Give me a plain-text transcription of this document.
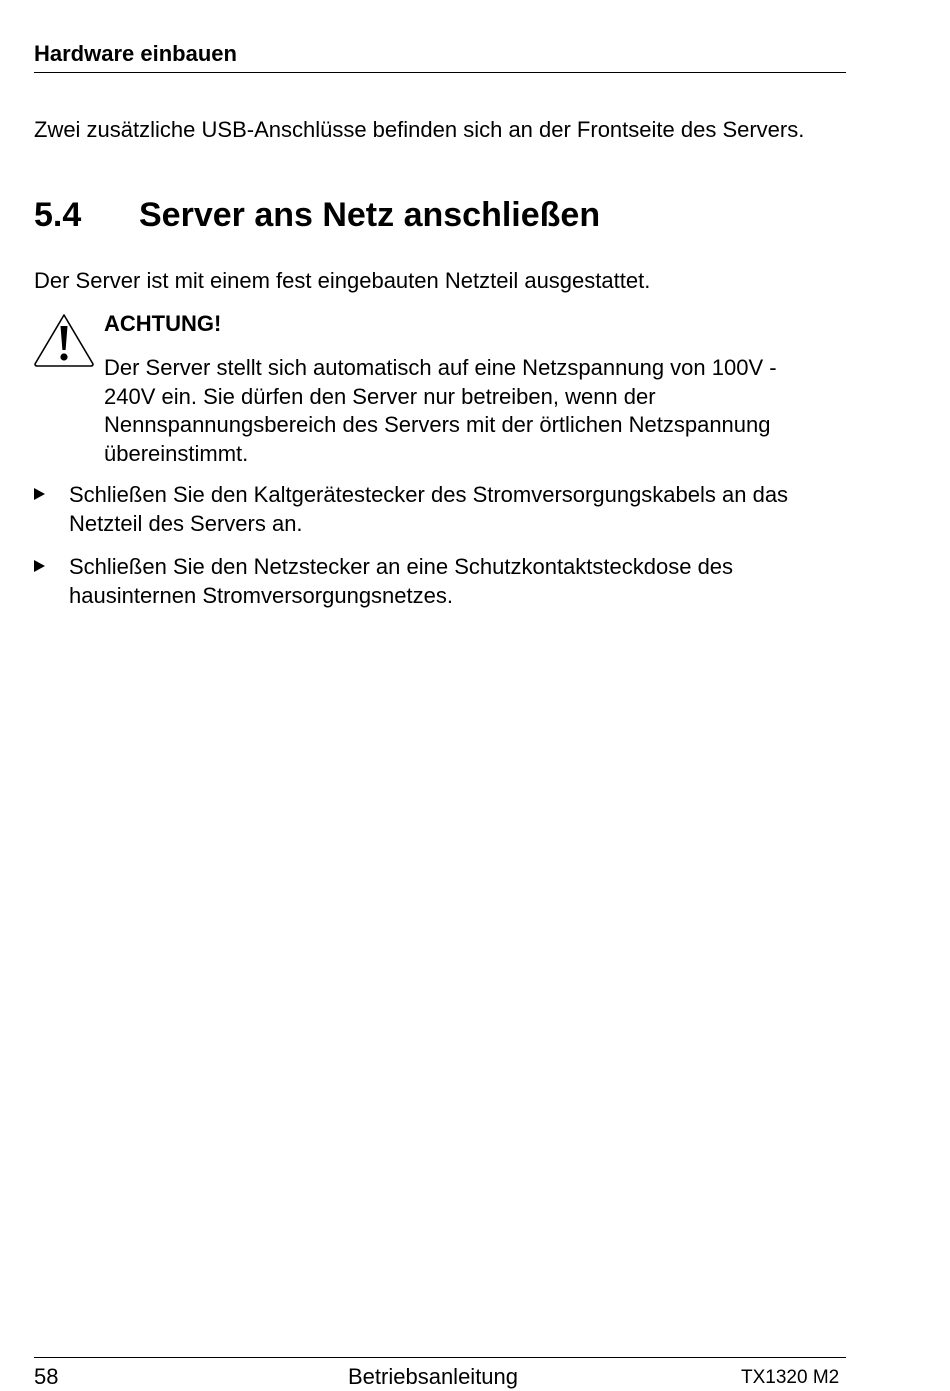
Hardware einbauen
Zwei zusätzliche USB-Anschlüsse befinden sich an der Frontseite des Servers.
5.4 Server ans Netz anschließen
Der Server ist mit einem fest eingebauten Netzteil ausgestattet.
ACHTUNG!
Der Server stellt sich automatisch auf eine Netzspannung von 100V -
240V ein. Sie dürfen den Server nur betreiben, wenn der
Nennspannungsbereich des Servers mit der örtlichen Netzspannung
übereinstimmt.
Schließen Sie den Kaltgerätestecker des Stromversorgungskabels an das
Netzteil des Servers an.
Schließen Sie den Netzstecker an eine Schutzkontaktsteckdose des
hausinternen Stromversorgungsnetzes.
58	Betriebsanleitung	TX1320 M2
